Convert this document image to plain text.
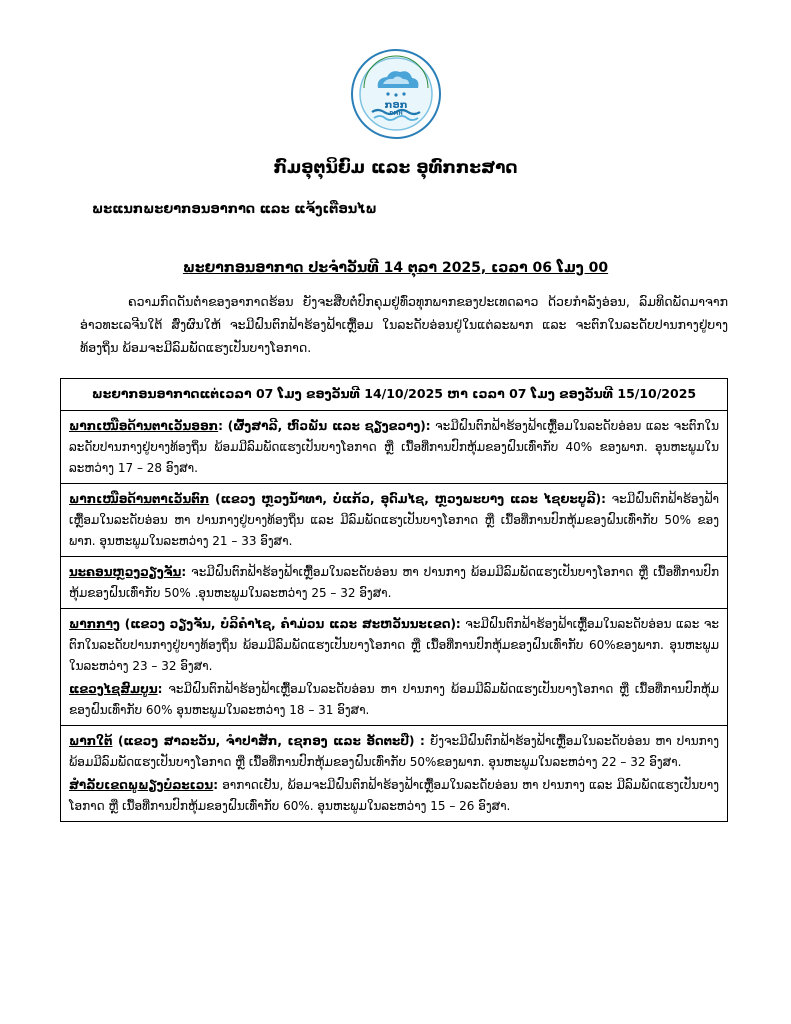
ກອກ
DMH
ກົມອຸຕຸນິຍົມ ແລະ ອຸທົກກະສາດ
ພະແນກພະຍາກອນອາກາດ ແລະ ແຈ້ງເຕືອນໄພ
ພະຍາກອນອາກາດ ປະຈໍາວັນທີ 14 ຕຸລາ 2025, ເວລາ 06 ໂມງ 00
ຄວາມກົດດັນຕໍ່າຂອງອາກາດຮ້ອນ ຍັງຈະສືບຕໍ່ປົກຄຸມຢູ່ທົ່ວທຸກພາກຂອງປະເທດລາວ ດ້ວຍກໍາລັງອ່ອນ, ລົມທິດພັດມາຈາກອ່າວທະເລຈີນໃຕ້ ສົ່ງຜົນໃຫ້ ຈະມີຝົນຕົກຟ້າຮ້ອງຟ້າເຫຼື້ອມ ໃນລະດັບອ່ອນຢູ່ໃນແຕ່ລະພາກ ແລະ ຈະຕົກໃນລະດັບປານກາງຢູ່ບາງທ້ອງຖິ່ນ ພ້ອມຈະມີລົມພັດແຮງເປັນບາງໂອກາດ.
ພະຍາກອນອາກາດແຕ່ເວລາ 07 ໂມງ ຂອງວັນທີ 14/10/2025 ຫາ ເວລາ 07 ໂມງ ຂອງວັນທີ 15/10/2025
ພາກເໜືອດ້ານຕາເວັນອອກ: (ຜົ້ງສາລີ, ຫົວພັນ ແລະ ຊຽງຂວາງ): ຈະມີຝົນຕົກຟ້າຮ້ອງຟ້າເຫຼື້ອມໃນລະດັບອ່ອນ ແລະ ຈະຕົກໃນລະດັບປານກາງຢູ່ບາງທ້ອງຖິ່ນ ພ້ອມມີລົມພັດແຮງເປັນບາງໂອກາດ ຫຼື ເນື້ອທີ່ການປົກຫຸ້ມຂອງຝົນເທົ່າກັບ 40% ຂອງພາກ. ອຸນຫະພູມໃນລະຫວ່າງ 17 – 28 ອົງສາ.
ພາກເໜືອດ້ານຕາເວັນຕົກ (ແຂວງ ຫຼວງນໍ້າທາ, ບໍ່ແກ້ວ, ອຸດົມໄຊ, ຫຼວງພະບາງ ແລະ ໄຊຍະບູລີ): ຈະມີຝົນຕົກຟ້າຮ້ອງຟ້າເຫຼື້ອມໃນລະດັບອ່ອນ ຫາ ປານກາງຢູ່ບາງທ້ອງຖິ່ນ ແລະ ມີລົມພັດແຮງເປັນບາງໂອກາດ ຫຼື ເນື້ອທີ່ການປົກຫຸ້ມຂອງຝົນເທົ່າກັບ 50% ຂອງພາກ. ອຸນຫະພູມໃນລະຫວ່າງ 21 – 33 ອົງສາ.
ນະຄອນຫຼວງວຽງຈັນ: ຈະມີຝົນຕົກຟ້າຮ້ອງຟ້າເຫຼື້ອມໃນລະດັບອ່ອນ ຫາ ປານກາງ ພ້ອມມີລົມພັດແຮງເປັນບາງໂອກາດ ຫຼື ເນື້ອທີ່ການປົກຫຸ້ມຂອງຝົນເທົ່າກັບ 50% .ອຸນຫະພູມໃນລະຫວ່າງ 25 – 32 ອົງສາ.

ພາກກາງ (ແຂວງ ວຽງຈັນ, ບໍລິຄໍາໄຊ, ຄໍາມ່ວນ ແລະ ສະຫວັນນະເຂດ): ຈະມີຝົນຕົກຟ້າຮ້ອງຟ້າເຫຼື້ອມໃນລະດັບອ່ອນ ແລະ ຈະຕົກໃນລະດັບປານກາງຢູ່ບາງທ້ອງຖິ່ນ ພ້ອມມີລົມພັດແຮງເປັນບາງໂອກາດ ຫຼື ເນື້ອທີ່ການປົກຫຸ້ມຂອງຝົນເທົ່າກັບ 60%ຂອງພາກ. ອຸນຫະພູມໃນລະຫວ່າງ 23 – 32 ອົງສາ.

ແຂວງໄຊສົມບູນ: ຈະມີຝົນຕົກຟ້າຮ້ອງຟ້າເຫຼື້ອມໃນລະດັບອ່ອນ ຫາ ປານກາງ ພ້ອມມີລົມພັດແຮງເປັນບາງໂອກາດ ຫຼື ເນື້ອທີ່ການປົກຫຸ້ມຂອງຝົນເທົ່າກັບ 60% ອຸນຫະພູມໃນລະຫວ່າງ 18 – 31 ອົງສາ.

ພາກໃຕ້ (ແຂວງ ສາລະວັນ, ຈໍາປາສັກ, ເຊກອງ ແລະ ອັດຕະປື) : ຍັງຈະມີຝົນຕົກຟ້າຮ້ອງຟ້າເຫຼື້ອມໃນລະດັບອ່ອນ ຫາ ປານກາງ ພ້ອມມີລົມພັດແຮງເປັນບາງໂອກາດ ຫຼື ເນື້ອທີ່ການປົກຫຸ້ມຂອງຝົນເທົ່າກັບ 50%ຂອງພາກ. ອຸນຫະພູມໃນລະຫວ່າງ 22 – 32 ອົງສາ.

ສໍາລັບເຂດພູພຽງບໍລະເວນ: ອາກາດເຢັນ, ພ້ອມຈະມີຝົນຕົກຟ້າຮ້ອງຟ້າເຫຼື້ອມໃນລະດັບອ່ອນ ຫາ ປານກາງ ແລະ ມີລົມພັດແຮງເປັນບາງໂອກາດ ຫຼື ເນື້ອທີ່ການປົກຫຸ້ມຂອງຝົນເທົ່າກັບ 60%. ອຸນຫະພູມໃນລະຫວ່າງ 15 – 26 ອົງສາ.
